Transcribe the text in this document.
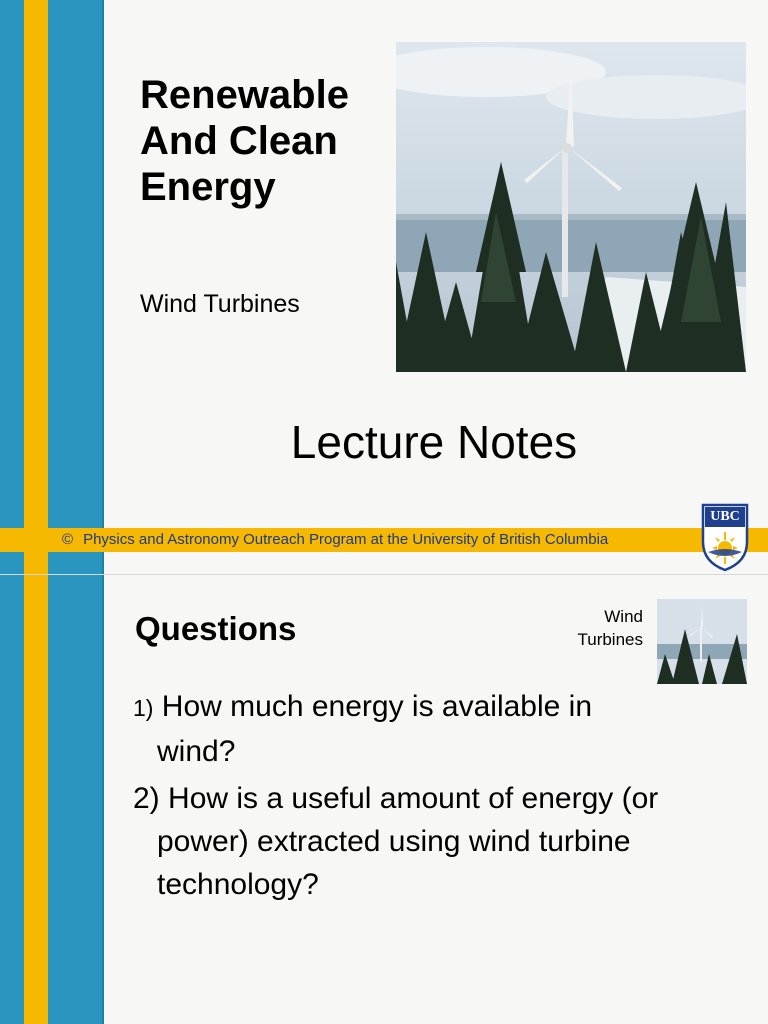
Renewable
And Clean
Energy
Wind Turbines
Lecture Notes
© Physics and Astronomy Outreach Program at the University of British Columbia
UBC
Questions	Wind
Turbines
1) How much energy is available in
wind?
2) How is a useful amount of energy (or
power) extracted using wind turbine
technology?
